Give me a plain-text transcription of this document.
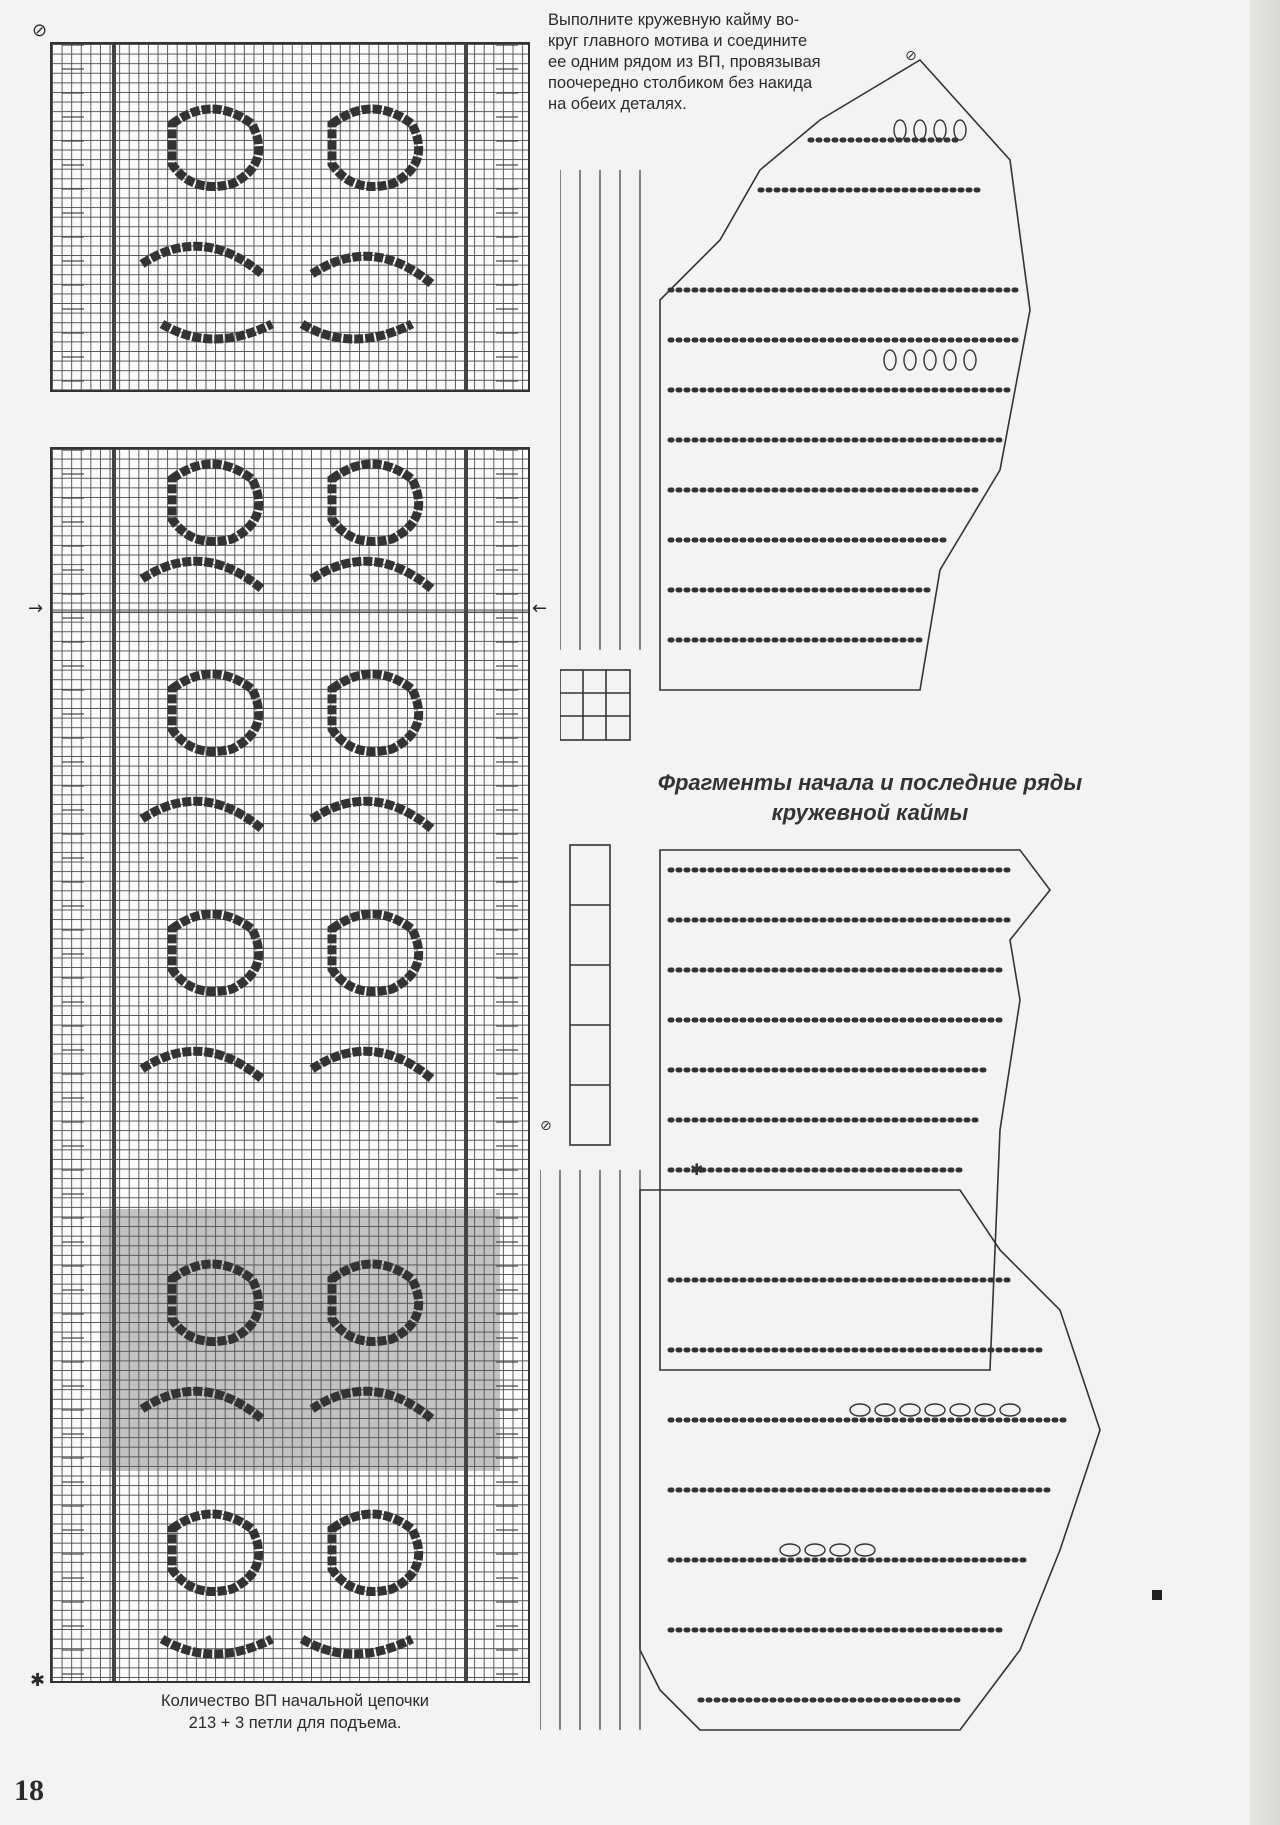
⊘
→	←
✱
Выполните кружевную кайму во-
круг главного мотива и соедините
ее одним рядом из ВП, провязывая
поочередно столбиком без накида
на обеих деталях.
⊘
Фрагменты начала и последние ряды
кружевной каймы
⊘
✱
Количество ВП начальной цепочки
213 + 3 петли для подъема.
18
